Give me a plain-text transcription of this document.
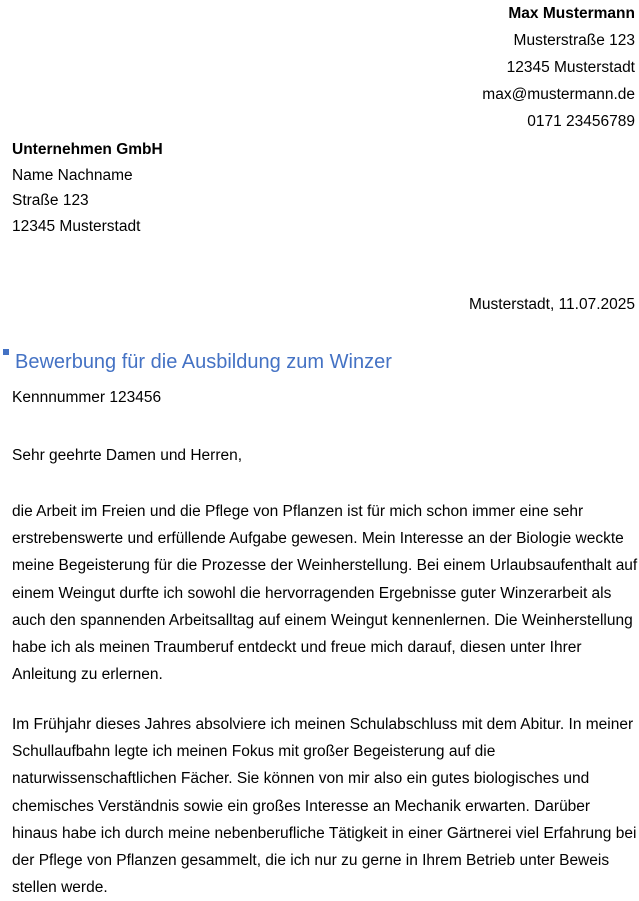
Max Mustermann
Musterstraße 123
12345 Musterstadt
max@mustermann.de
0171 23456789
Unternehmen GmbH
Name Nachname
Straße 123
12345 Musterstadt
Musterstadt, 11.07.2025
Bewerbung für die Ausbildung zum Winzer
Kennnummer 123456
Sehr geehrte Damen und Herren,
die Arbeit im Freien und die Pflege von Pflanzen ist für mich schon immer eine sehr erstrebenswerte und erfüllende Aufgabe gewesen. Mein Interesse an der Biologie weckte meine Begeisterung für die Prozesse der Weinherstellung. Bei einem Urlaubsaufenthalt auf einem Weingut durfte ich sowohl die hervorragenden Ergebnisse guter Winzerarbeit als auch den spannenden Arbeitsalltag auf einem Weingut kennenlernen. Die Weinherstellung habe ich als meinen Traumberuf entdeckt und freue mich darauf, diesen unter Ihrer Anleitung zu erlernen.
Im Frühjahr dieses Jahres absolviere ich meinen Schulabschluss mit dem Abitur. In meiner Schullaufbahn legte ich meinen Fokus mit großer Begeisterung auf die naturwissenschaftlichen Fächer. Sie können von mir also ein gutes biologisches und chemisches Verständnis sowie ein großes Interesse an Mechanik erwarten. Darüber hinaus habe ich durch meine nebenberufliche Tätigkeit in einer Gärtnerei viel Erfahrung bei der Pflege von Pflanzen gesammelt, die ich nur zu gerne in Ihrem Betrieb unter Beweis stellen werde.
